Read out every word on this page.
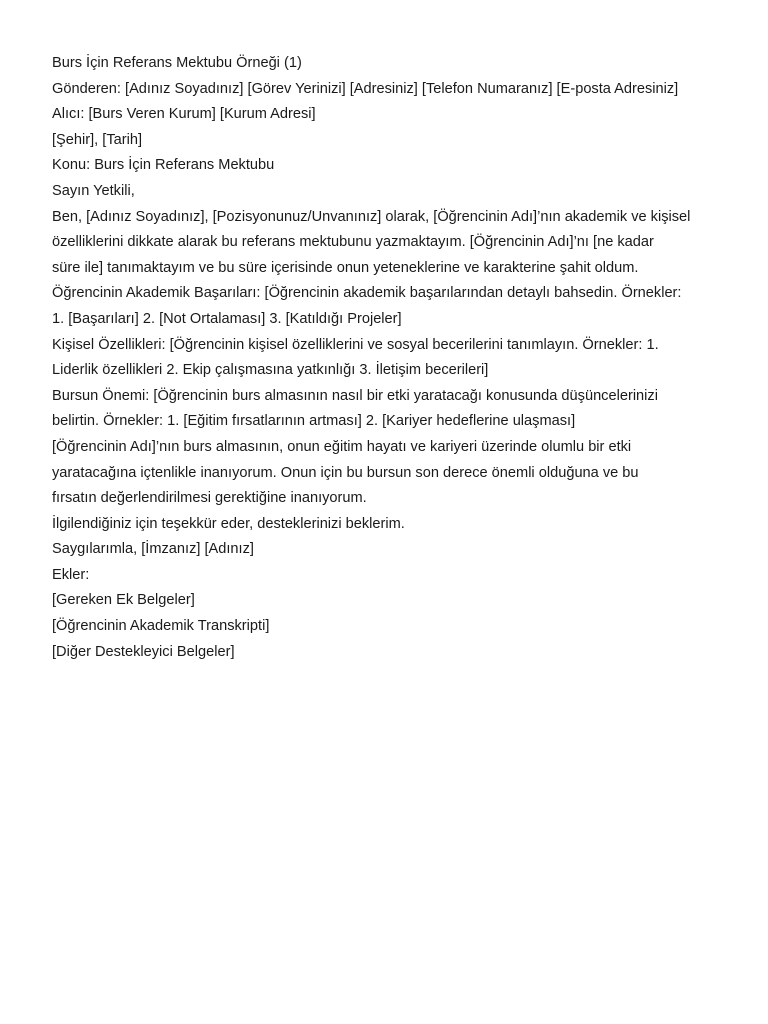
Burs İçin Referans Mektubu Örneği (1)
Gönderen: [Adınız Soyadınız] [Görev Yerinizi] [Adresiniz] [Telefon Numaranız] [E-posta Adresiniz]
Alıcı: [Burs Veren Kurum] [Kurum Adresi]
[Şehir], [Tarih]
Konu: Burs İçin Referans Mektubu
Sayın Yetkili,
Ben, [Adınız Soyadınız], [Pozisyonunuz/Unvanınız] olarak, [Öğrencinin Adı]’nın akademik ve kişisel
özelliklerini dikkate alarak bu referans mektubunu yazmaktayım. [Öğrencinin Adı]’nı [ne kadar
süre ile] tanımaktayım ve bu süre içerisinde onun yeteneklerine ve karakterine şahit oldum.
Öğrencinin Akademik Başarıları: [Öğrencinin akademik başarılarından detaylı bahsedin. Örnekler:
1. [Başarıları] 2. [Not Ortalaması] 3. [Katıldığı Projeler]
Kişisel Özellikleri: [Öğrencinin kişisel özelliklerini ve sosyal becerilerini tanımlayın. Örnekler: 1.
Liderlik özellikleri 2. Ekip çalışmasına yatkınlığı 3. İletişim becerileri]
Bursun Önemi: [Öğrencinin burs almasının nasıl bir etki yaratacağı konusunda düşüncelerinizi
belirtin. Örnekler: 1. [Eğitim fırsatlarının artması] 2. [Kariyer hedeflerine ulaşması]
[Öğrencinin Adı]’nın burs almasının, onun eğitim hayatı ve kariyeri üzerinde olumlu bir etki
yaratacağına içtenlikle inanıyorum. Onun için bu bursun son derece önemli olduğuna ve bu
fırsatın değerlendirilmesi gerektiğine inanıyorum.
İlgilendiğiniz için teşekkür eder, desteklerinizi beklerim.
Saygılarımla, [İmzanız] [Adınız]
Ekler:
[Gereken Ek Belgeler]
[Öğrencinin Akademik Transkripti]
[Diğer Destekleyici Belgeler]
